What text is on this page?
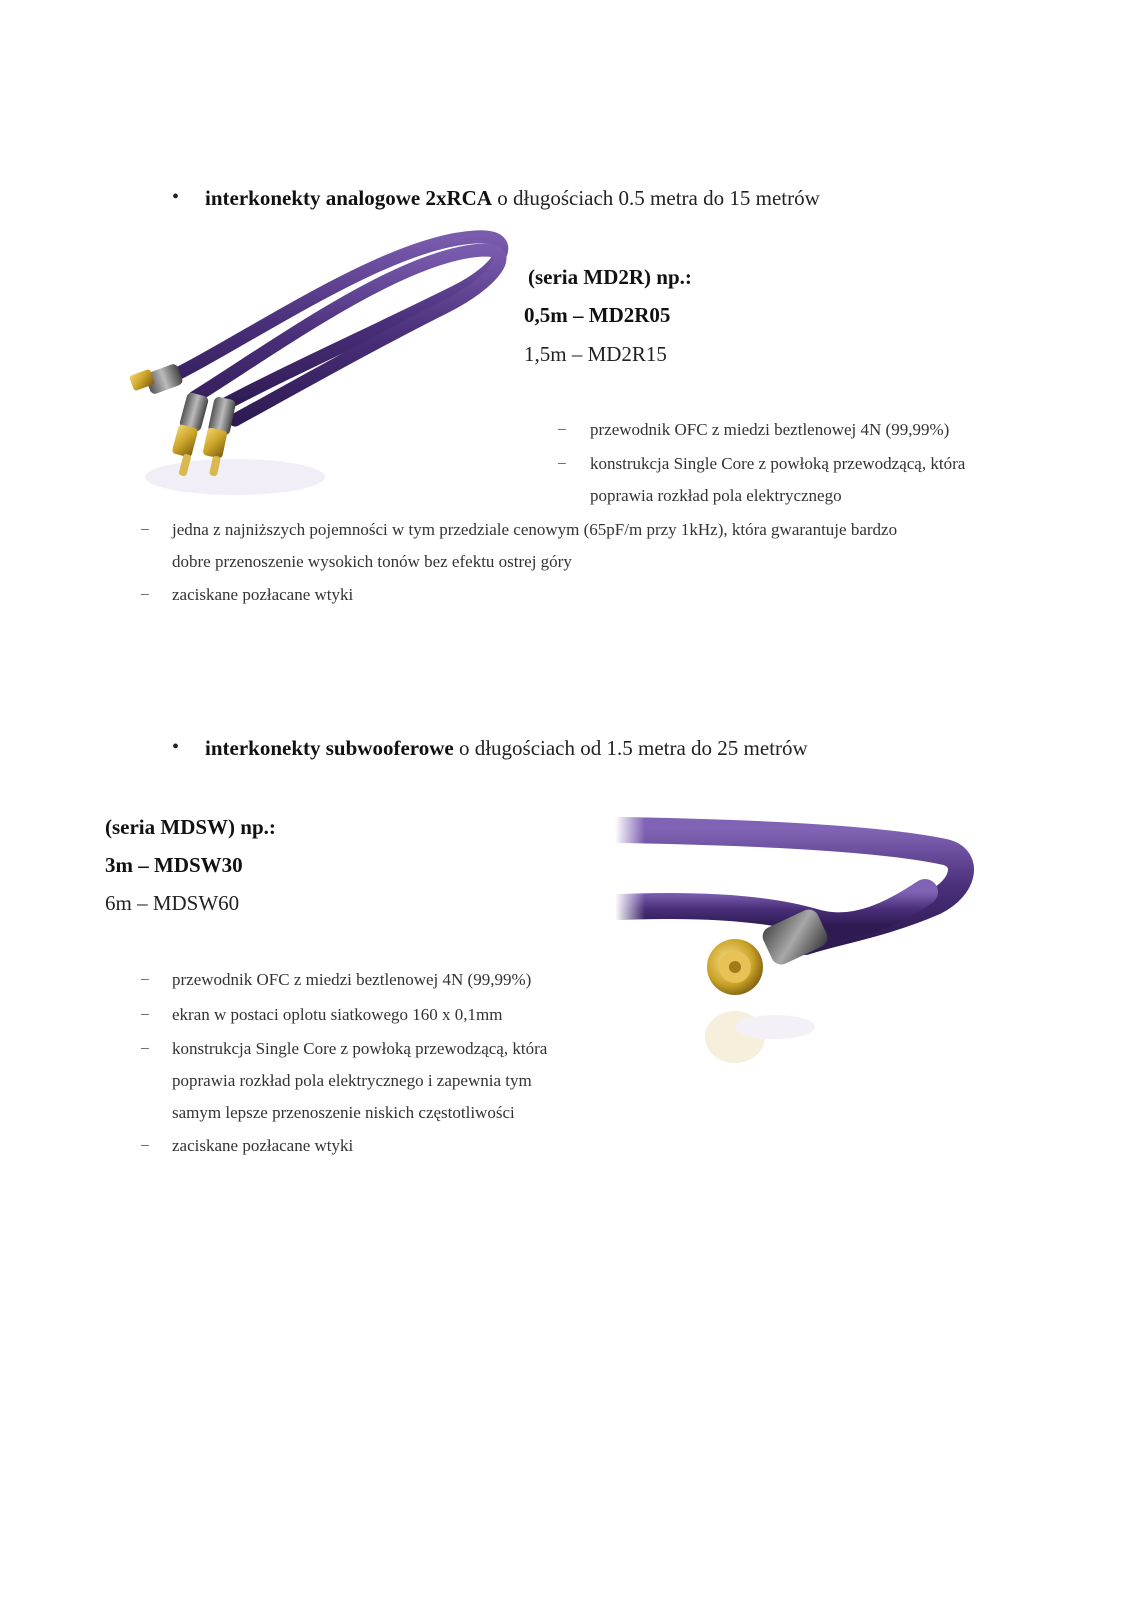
• interkonekty analogowe 2xRCA o długościach 0.5 metra do 15 metrów
(seria MD2R) np.:
0,5m – MD2R05
1,5m – MD2R15
− przewodnik OFC z miedzi beztlenowej 4N (99,99%)
− konstrukcja Single Core z powłoką przewodzącą, która
poprawia rozkład pola elektrycznego
− jedna z najniższych pojemności w tym przedziale cenowym (65pF/m przy 1kHz), która gwarantuje bardzo
dobre przenoszenie wysokich tonów bez efektu ostrej góry
− zaciskane pozłacane wtyki
• interkonekty subwooferowe o długościach od 1.5 metra do 25 metrów
(seria MDSW) np.:
3m – MDSW30
6m – MDSW60
− przewodnik OFC z miedzi beztlenowej 4N (99,99%)
− ekran w postaci oplotu siatkowego 160 x 0,1mm
− konstrukcja Single Core z powłoką przewodzącą, która
poprawia rozkład pola elektrycznego i zapewnia tym
samym lepsze przenoszenie niskich częstotliwości
− zaciskane pozłacane wtyki
